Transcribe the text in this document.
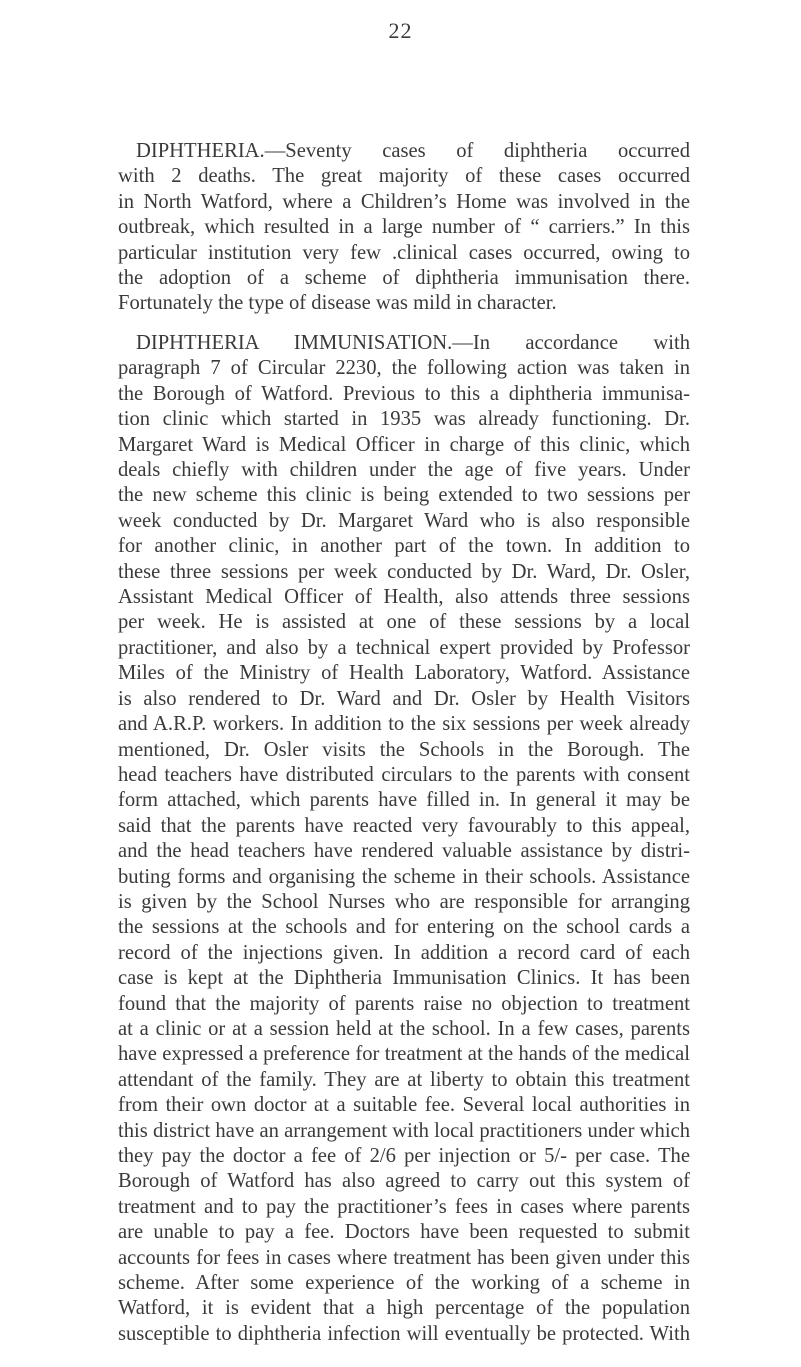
22
DIPHTHERIA.—Seventy cases of diphtheria occurred
with 2 deaths. The great majority of these cases occurred
in North Watford, where a Children’s Home was involved in the
outbreak, which resulted in a large number of “ carriers.” In this
particular institution very few .clinical cases occurred, owing to
the adoption of a scheme of diphtheria immunisation there.
Fortunately the type of disease was mild in character.
DIPHTHERIA IMMUNISATION.—In accordance with
paragraph 7 of Circular 2230, the following action was taken in
the Borough of Watford. Previous to this a diphtheria immunisa-
tion clinic which started in 1935 was already functioning. Dr.
Margaret Ward is Medical Officer in charge of this clinic, which
deals chiefly with children under the age of five years. Under
the new scheme this clinic is being extended to two sessions per
week conducted by Dr. Margaret Ward who is also responsible
for another clinic, in another part of the town. In addition to
these three sessions per week conducted by Dr. Ward, Dr. Osler,
Assistant Medical Officer of Health, also attends three sessions
per week. He is assisted at one of these sessions by a local
practitioner, and also by a technical expert provided by Professor
Miles of the Ministry of Health Laboratory, Watford. Assistance
is also rendered to Dr. Ward and Dr. Osler by Health Visitors
and A.R.P. workers. In addition to the six sessions per week already
mentioned, Dr. Osler visits the Schools in the Borough. The
head teachers have distributed circulars to the parents with consent
form attached, which parents have filled in. In general it may be
said that the parents have reacted very favourably to this appeal,
and the head teachers have rendered valuable assistance by distri-
buting forms and organising the scheme in their schools. Assistance
is given by the School Nurses who are responsible for arranging
the sessions at the schools and for entering on the school cards a
record of the injections given. In addition a record card of each
case is kept at the Diphtheria Immunisation Clinics. It has been
found that the majority of parents raise no objection to treatment
at a clinic or at a session held at the school. In a few cases, parents
have expressed a preference for treatment at the hands of the medical
attendant of the family. They are at liberty to obtain this treatment
from their own doctor at a suitable fee. Several local authorities in
this district have an arrangement with local practitioners under which
they pay the doctor a fee of 2/6 per injection or 5/- per case. The
Borough of Watford has also agreed to carry out this system of
treatment and to pay the practitioner’s fees in cases where parents
are unable to pay a fee. Doctors have been requested to submit
accounts for fees in cases where treatment has been given under this
scheme. After some experience of the working of a scheme in
Watford, it is evident that a high percentage of the population
susceptible to diphtheria infection will eventually be protected. With
